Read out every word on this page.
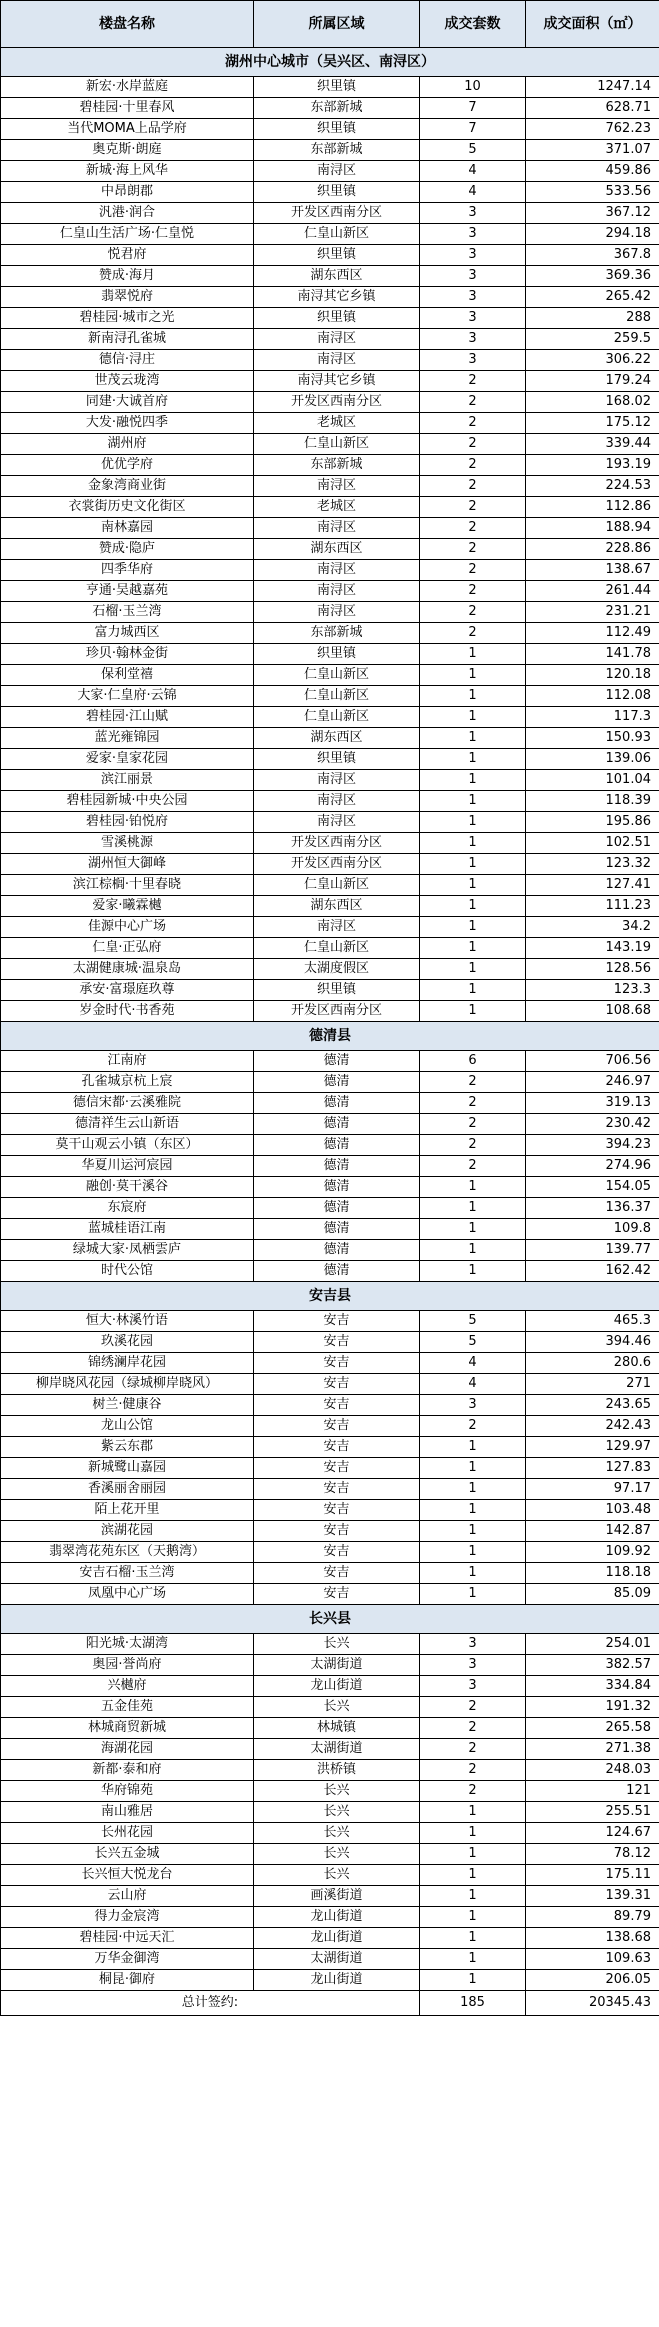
楼盘名称	所属区域	成交套数	成交面积（㎡）
湖州中心城市（吴兴区、南浔区）			
新宏·水岸蓝庭	织里镇	10	1247.14
碧桂园·十里春风	东部新城	7	628.71
当代MOMA上品学府	织里镇	7	762.23
奥克斯·朗庭	东部新城	5	371.07
新城·海上风华	南浔区	4	459.86
中昂朗郡	织里镇	4	533.56
汎港·润合	开发区西南分区	3	367.12
仁皇山生活广场·仁皇悦	仁皇山新区	3	294.18
悦君府	织里镇	3	367.8
赞成·海月	湖东西区	3	369.36
翡翠悦府	南浔其它乡镇	3	265.42
碧桂园·城市之光	织里镇	3	288
新南浔孔雀城	南浔区	3	259.5
德信·浔庄	南浔区	3	306.22
世茂云珑湾	南浔其它乡镇	2	179.24
同建·大诚首府	开发区西南分区	2	168.02
大发·融悦四季	老城区	2	175.12
湖州府	仁皇山新区	2	339.44
优优学府	东部新城	2	193.19
金象湾商业街	南浔区	2	224.53
衣裳街历史文化街区	老城区	2	112.86
南林嘉园	南浔区	2	188.94
赞成·隐庐	湖东西区	2	228.86
四季华府	南浔区	2	138.67
亨通·吴越嘉苑	南浔区	2	261.44
石榴·玉兰湾	南浔区	2	231.21
富力城西区	东部新城	2	112.49
珍贝·翰林金街	织里镇	1	141.78
保利堂禧	仁皇山新区	1	120.18
大家·仁皇府·云锦	仁皇山新区	1	112.08
碧桂园·江山赋	仁皇山新区	1	117.3
蓝光雍锦园	湖东西区	1	150.93
爱家·皇家花园	织里镇	1	139.06
滨江丽景	南浔区	1	101.04
碧桂园新城·中央公园	南浔区	1	118.39
碧桂园·铂悦府	南浔区	1	195.86
雪溪桃源	开发区西南分区	1	102.51
湖州恒大御峰	开发区西南分区	1	123.32
滨江棕榈·十里春晓	仁皇山新区	1	127.41
爱家·曦霖樾	湖东西区	1	111.23
佳源中心广场	南浔区	1	34.2
仁皇·正弘府	仁皇山新区	1	143.19
太湖健康城·温泉岛	太湖度假区	1	128.56
承安·富璟庭玖尊	织里镇	1	123.3
岁金时代·书香苑	开发区西南分区	1	108.68
德清县			
江南府	德清	6	706.56
孔雀城京杭上宸	德清	2	246.97
德信宋都·云溪雅院	德清	2	319.13
德清祥生云山新语	德清	2	230.42
莫干山观云小镇（东区）	德清	2	394.23
华夏川运河宸园	德清	2	274.96
融创·莫干溪谷	德清	1	154.05
东宸府	德清	1	136.37
蓝城桂语江南	德清	1	109.8
绿城大家·凤栖雲庐	德清	1	139.77
时代公馆	德清	1	162.42
安吉县			
恒大·林溪竹语	安吉	5	465.3
玖溪花园	安吉	5	394.46
锦绣澜岸花园	安吉	4	280.6
柳岸晓风花园（绿城柳岸晓风）	安吉	4	271
树兰·健康谷	安吉	3	243.65
龙山公馆	安吉	2	242.43
紫云东郡	安吉	1	129.97
新城鹭山嘉园	安吉	1	127.83
香溪丽舍丽园	安吉	1	97.17
陌上花开里	安吉	1	103.48
滨湖花园	安吉	1	142.87
翡翠湾花苑东区（天鹅湾）	安吉	1	109.92
安吉石榴·玉兰湾	安吉	1	118.18
凤凰中心广场	安吉	1	85.09
长兴县			
阳光城·太湖湾	长兴	3	254.01
奥园·誉尚府	太湖街道	3	382.57
兴樾府	龙山街道	3	334.84
五金佳苑	长兴	2	191.32
林城商贸新城	林城镇	2	265.58
海湖花园	太湖街道	2	271.38
新都·泰和府	洪桥镇	2	248.03
华府锦苑	长兴	2	121
南山雅居	长兴	1	255.51
长州花园	长兴	1	124.67
长兴五金城	长兴	1	78.12
长兴恒大悦龙台	长兴	1	175.11
云山府	画溪街道	1	139.31
得力金宸湾	龙山街道	1	89.79
碧桂园·中远天汇	龙山街道	1	138.68
万华金御湾	太湖街道	1	109.63
桐昆·御府	龙山街道	1	206.05
总计签约:		185	20345.43
